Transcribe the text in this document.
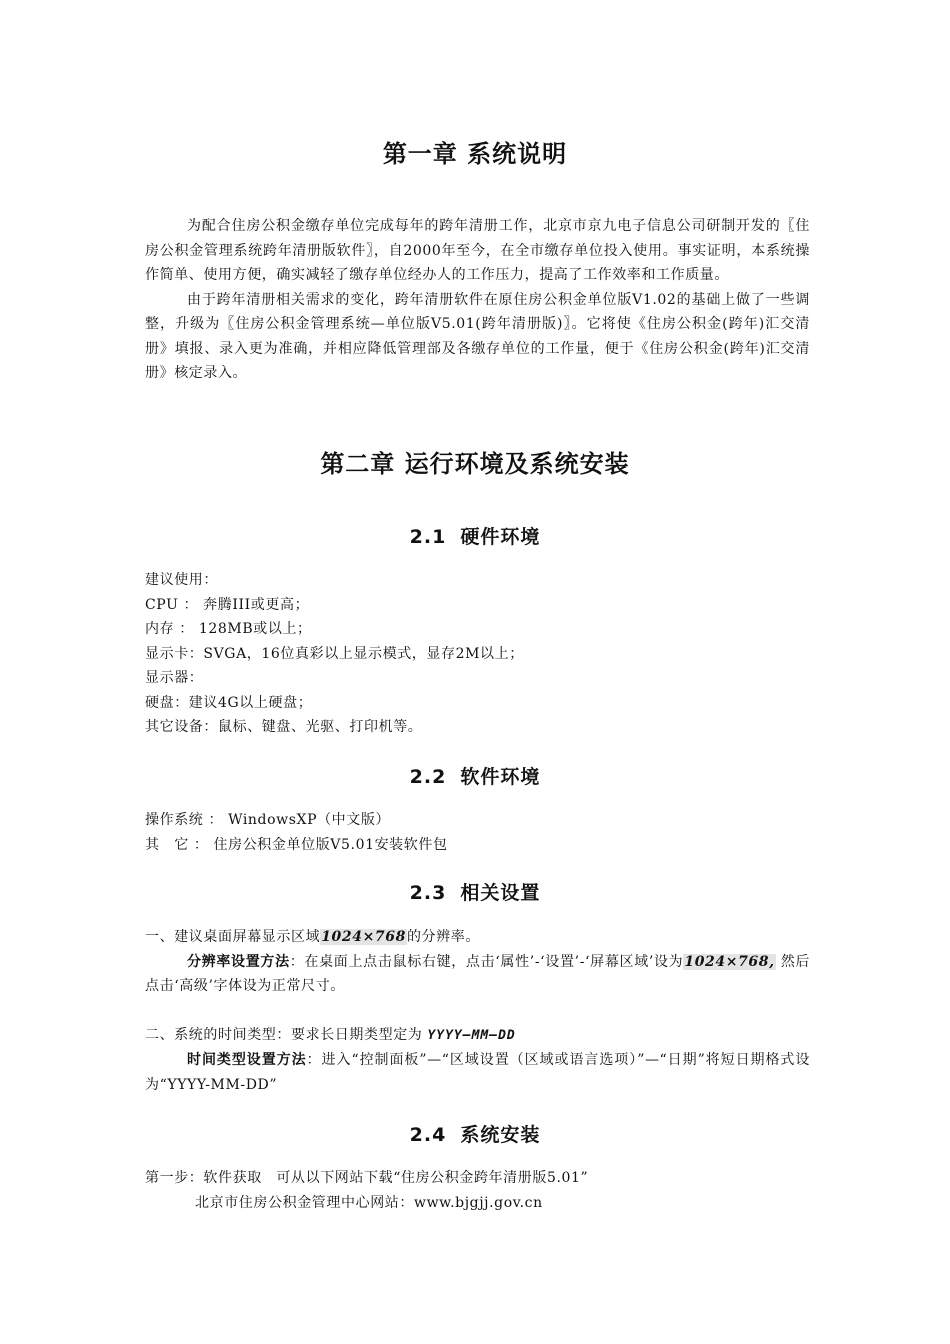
第一章 系统说明

为配合住房公积金缴存单位完成每年的跨年清册工作，北京市京九电子信息公司研制开发的〖住房公积金管理系统跨年清册版软件〗，自2000年至今，在全市缴存单位投入使用。事实证明，本系统操作简单、使用方便，确实减轻了缴存单位经办人的工作压力，提高了工作效率和工作质量。

由于跨年清册相关需求的变化，跨年清册软件在原住房公积金单位版V1.02的基础上做了一些调整，升级为〖住房公积金管理系统—单位版V5.01(跨年清册版)〗。它将使《住房公积金(跨年)汇交清册》填报、录入更为准确，并相应降低管理部及各缴存单位的工作量，便于《住房公积金(跨年)汇交清册》核定录入。

第二章 运行环境及系统安装
2.1 硬件环境

建议使用：

CPU ： 奔腾III或更高；

内存 ： 128MB或以上；

显示卡：SVGA，16位真彩以上显示模式，显存2M以上；

显示器：

硬盘：建议4G以上硬盘；

其它设备：鼠标、键盘、光驱、打印机等。

2.2 软件环境

操作系统 ： WindowsXP（中文版）

其　它 ： 住房公积金单位版V5.01安装软件包

2.3 相关设置

一、建议桌面屏幕显示区域1024×768的分辨率。

分辨率设置方法：在桌面上点击鼠标右键，点击‘属性’-‘设置’-‘屏幕区域’设为1024×768, 然后点击‘高级’字体设为正常尺寸。

二、系统的时间类型：要求长日期类型定为 YYYY—MM—DD

时间类型设置方法：进入“控制面板”—“区域设置（区域或语言选项）”—“日期”将短日期格式设为“YYYY-MM-DD”

2.4 系统安装

第一步：软件获取　可从以下网站下载“住房公积金跨年清册版5.01”

北京市住房公积金管理中心网站：www.bjgjj.gov.cn
